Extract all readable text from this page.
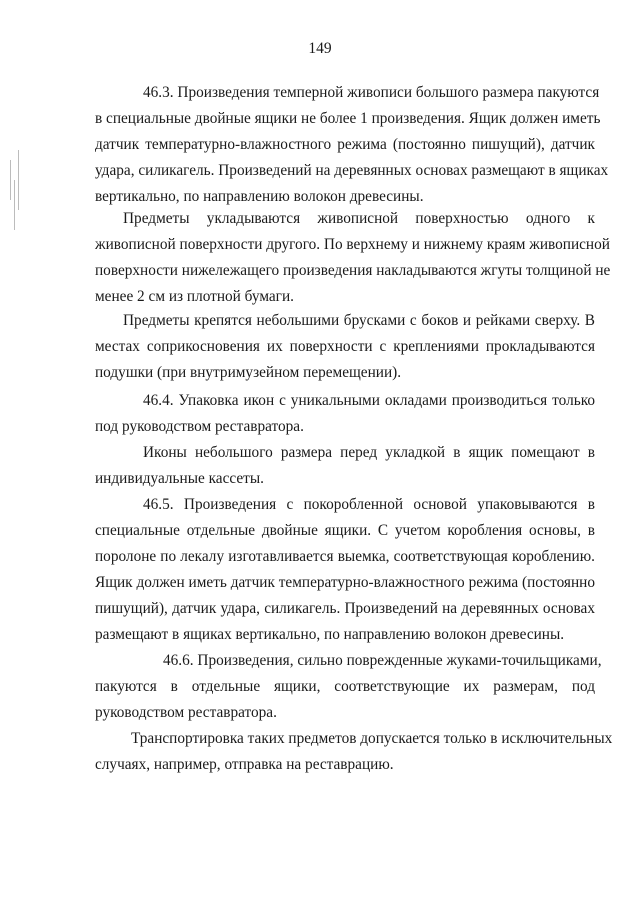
149

46.3. Произведения темперной живописи большого размера пакуются
в специальные двойные ящики не более 1 произведения. Ящик должен иметь
датчик температурно-влажностного режима (постоянно пишущий), датчик
удара, силикагель. Произведений на деревянных основах размещают в ящиках
вертикально, по направлению волокон древесины.

Предметы укладываются живописной поверхностью одного к
живописной поверхности другого. По верхнему и нижнему краям живописной
поверхности нижележащего произведения накладываются жгуты толщиной не
менее 2 см из плотной бумаги.

Предметы крепятся небольшими брусками с боков и рейками сверху. В
местах соприкосновения их поверхности с креплениями прокладываются
подушки (при внутримузейном перемещении).

46.4. Упаковка икон с уникальными окладами производиться только
под руководством реставратора.

Иконы небольшого размера перед укладкой в ящик помещают в
индивидуальные кассеты.

46.5. Произведения с покоробленной основой упаковываются в
специальные отдельные двойные ящики. С учетом коробления основы, в
поролоне по лекалу изготавливается выемка, соответствующая короблению.
Ящик должен иметь датчик температурно-влажностного режима (постоянно
пишущий), датчик удара, силикагель. Произведений на деревянных основах
размещают в ящиках вертикально, по направлению волокон древесины.

46.6. Произведения, сильно поврежденные жуками-точильщиками,
пакуются в отдельные ящики, соответствующие их размерам, под
руководством реставратора.

Транспортировка таких предметов допускается только в исключительных
случаях, например, отправка на реставрацию.
